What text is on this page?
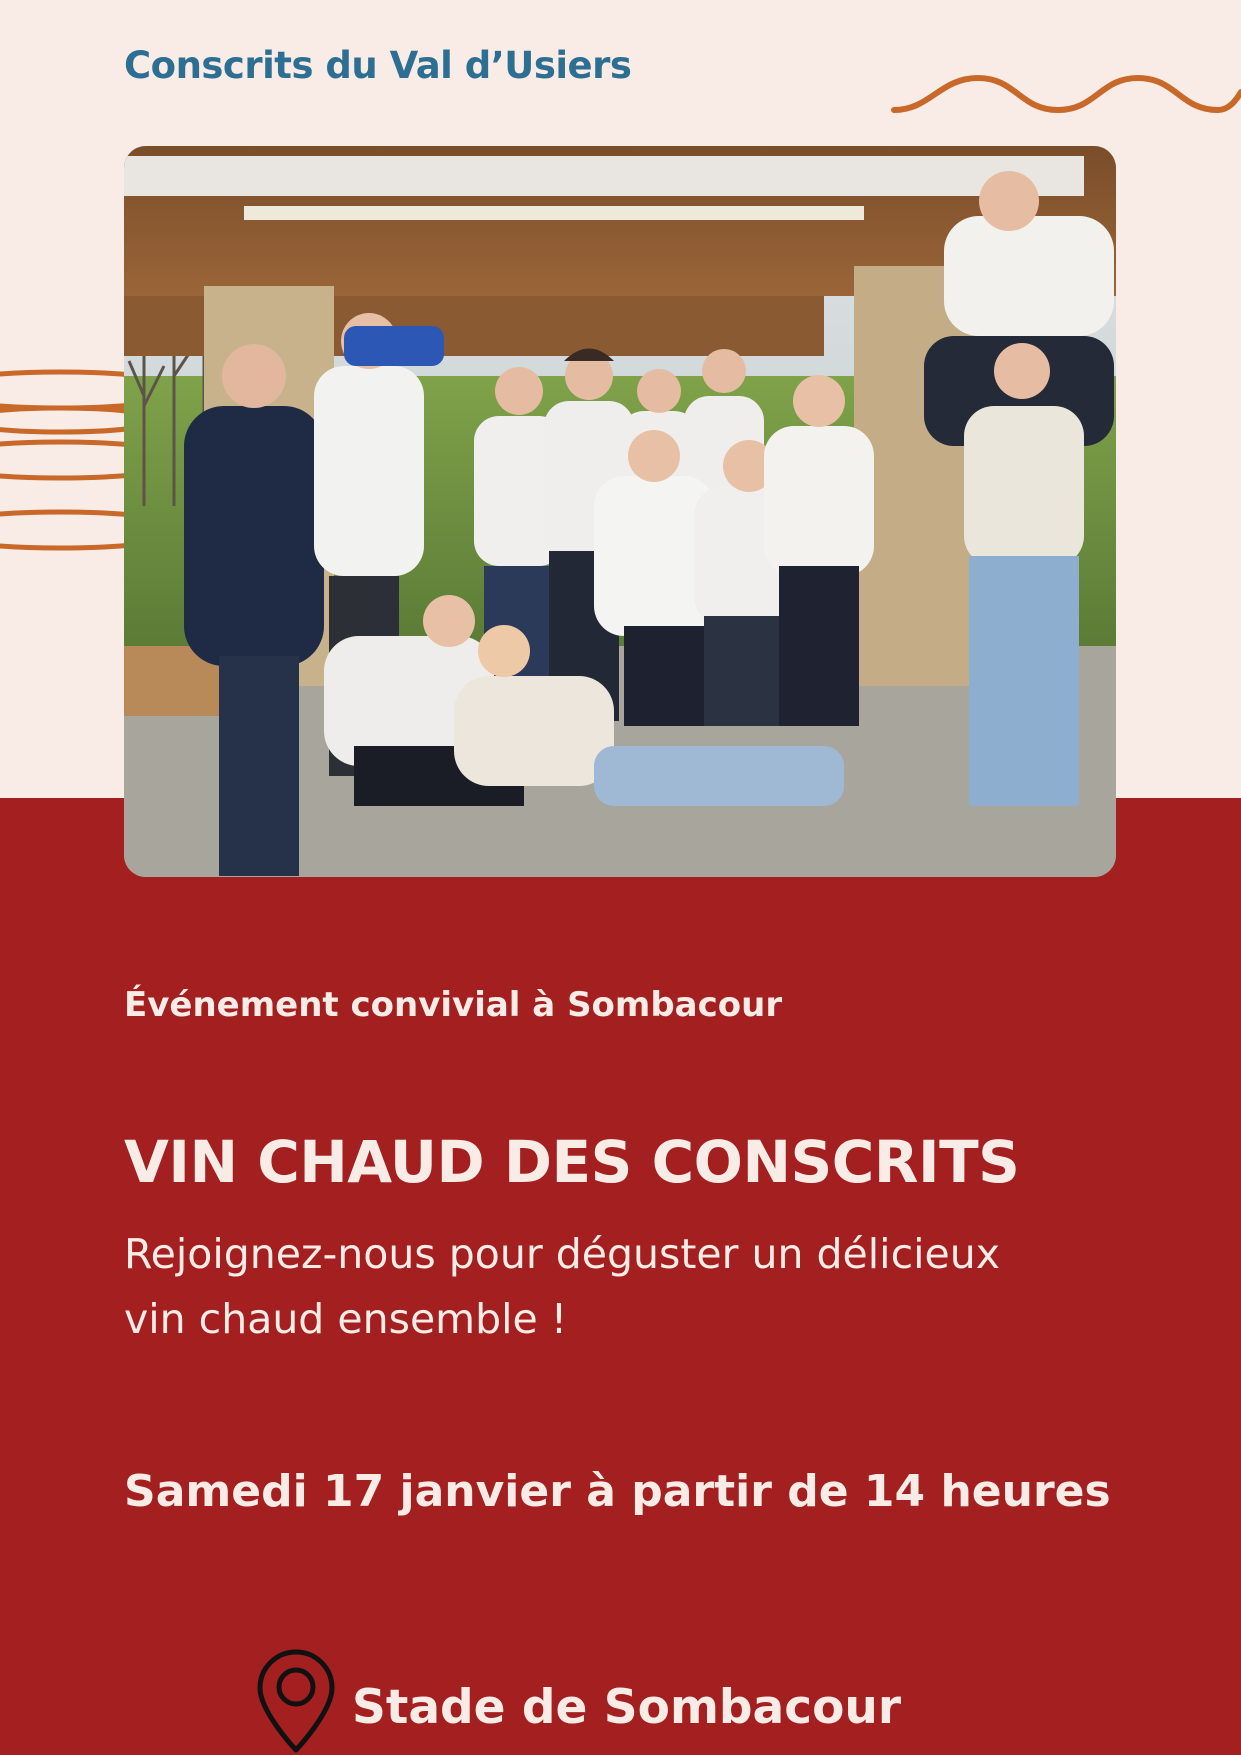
Conscrits du Val d’Usiers
Événement convivial à Sombacour
VIN CHAUD DES CONSCRITS
Rejoignez-nous pour déguster un délicieux
vin chaud ensemble !
Samedi 17 janvier à partir de 14 heures
Stade de Sombacour
